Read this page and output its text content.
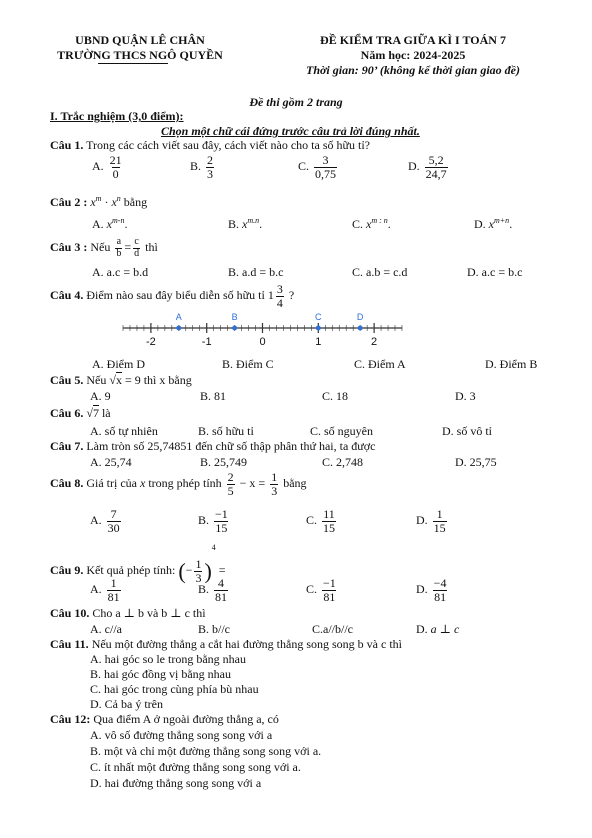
UBND QUẬN LÊ CHÂN
TRƯỜNG THCS NGÔ QUYỀN
ĐỀ KIỂM TRA GIỮA KÌ I TOÁN 7
Năm học: 2024-2025
Thời gian: 90’ (không kể thời gian giao đề)
Đề thi gồm 2 trang
I. Trắc nghiệm (3,0 điểm):
Chọn một chữ cái đứng trước câu trả lời đúng nhất.
Câu 1. Trong các cách viết sau đây, cách viết nào cho ta số hữu tỉ?
A. $\frac{21}{0}$	B. $\frac{2}{3}$	C. $\frac{3}{0,75}$	D. $\frac{5,2}{24,7}$
Câu 2 : $x^m \cdot x^n$ bằng
A. $x^{m-n}$.	B. $x^{m.n}$.	C. $x^{m : n}$.	D. $x^{m+n}$.
Câu 3 : Nếu $\frac{a}{b} = \frac{c}{d}$ thì
A. a.c = b.d	B. a.d = b.c	C. a.b = c.d	D. a.c = b.c
Câu 4. Điểm nào sau đây biểu diễn số hữu tỉ $1 \frac{3}{4}$ ?
-2	-1	0	1	2
A	B	C	D
A. Điểm D	B. Điểm C	C. Điểm A	D. Điểm B
Câu 5. Nếu √x = 9 thì x bằng
A. 9	B. 81	C. 18	D. 3
Câu 6. √7 là
A. số tự nhiên	B. số hữu tỉ	C. số nguyên	D. số vô tỉ
Câu 7. Làm tròn số 25,74851 đến chữ số thập phân thứ hai, ta được
A. 25,74	B. 25,749	C. 2,748	D. 25,75
Câu 8. Giá trị của x trong phép tính $\frac{2}{5} - x = \frac{1}{3}$ bằng
A. $\frac{7}{30}$	B. $\frac{-1}{15}$	C. $\frac{11}{15}$	D. $\frac{1}{15}$
Câu 9. Kết quả phép tính: (− $\frac{1}{3} )^4$ =
A. $\frac{1}{81}$	B. $\frac{4}{81}$	C. $\frac{-1}{81}$	D. $\frac{-4}{81}$
Câu 10. Cho a ⊥ b và b ⊥ c thì
A. c//a	B. b//c	C.a//b//c	D. a ⊥ c
Câu 11. Nếu một đường thẳng a cắt hai đường thẳng song song b và c thì
A. hai góc so le trong bằng nhau
B. hai góc đồng vị bằng nhau
C. hai góc trong cùng phía bù nhau
D. Cả ba ý trên
Câu 12: Qua điểm A ở ngoài đường thẳng a, có
A. vô số đường thẳng song song với a
B. một và chỉ một đường thẳng song song với a.
C. ít nhất một đường thẳng song song với a.
D. hai đường thẳng song song với a
